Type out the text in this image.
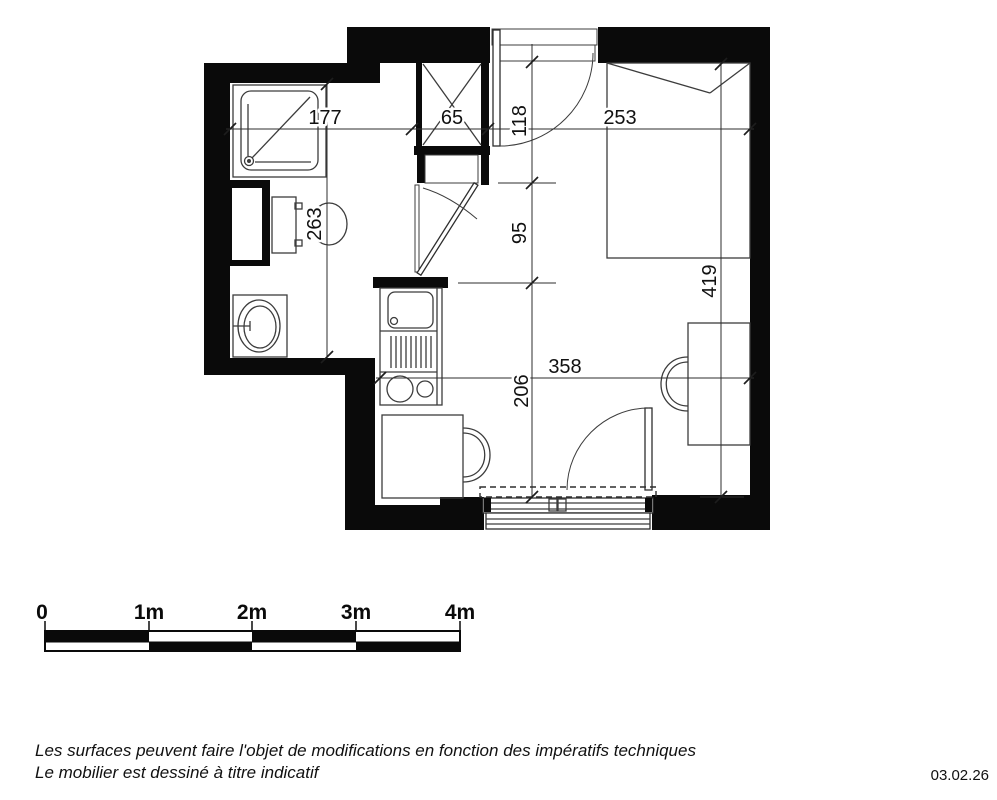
177	65	253
118
95
206
419
263
358
0	1m	2m	3m	4m
Les surfaces peuvent faire l'objet de modifications en fonction des impératifs techniques
Le mobilier est dessiné à titre indicatif	03.02.26
